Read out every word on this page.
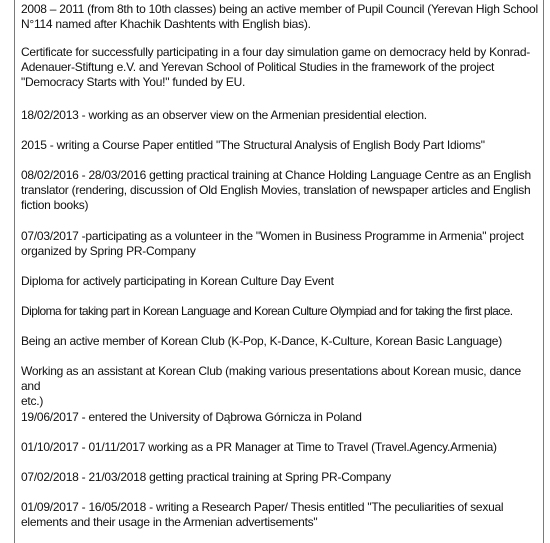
2008 – 2011 (from 8th to 10th classes) being an active member of Pupil Council (Yerevan High School
N°114 named after Khachik Dashtents with English bias).
Certificate for successfully participating in a four day simulation game on democracy held by Konrad-
Adenauer-Stiftung e.V. and Yerevan School of Political Studies in the framework of the project
"Democracy Starts with You!" funded by EU.
18/02/2013 - working as an observer view on the Armenian presidential election.
2015 - writing a Course Paper entitled "The Structural Analysis of English Body Part Idioms"
08/02/2016 - 28/03/2016 getting practical training at Chance Holding Language Centre as an English
translator (rendering, discussion of Old English Movies, translation of newspaper articles and English
fiction books)
07/03/2017 -participating as a volunteer in the "Women in Business Programme in Armenia" project
organized by Spring PR-Company
Diploma for actively participating in Korean Culture Day Event
Diploma for taking part in Korean Language and Korean Culture Olympiad and for taking the first place.
Being an active member of Korean Club (K-Pop, K-Dance, K-Culture, Korean Basic Language)
Working as an assistant at Korean Club (making various presentations about Korean music, dance and
etc.)
19/06/2017 - entered the University of Dąbrowa Górnicza in Poland
01/10/2017 - 01/11/2017 working as a PR Manager at Time to Travel (Travel.Agency.Armenia)
07/02/2018 - 21/03/2018 getting practical training at Spring PR-Company
01/09/2017 - 16/05/2018 - writing a Research Paper/ Thesis entitled "The peculiarities of sexual
elements and their usage in the Armenian advertisements"
